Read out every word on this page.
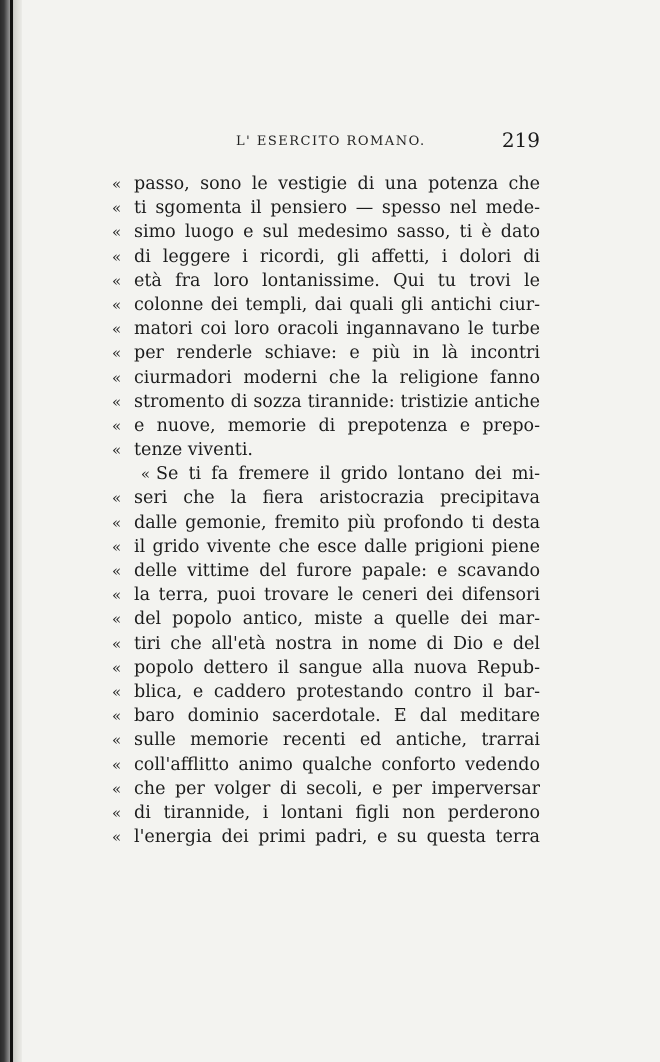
L' ESERCITO ROMANO.	219
« passo, sono le vestigie di una potenza che
« ti sgomenta il pensiero — spesso nel mede-
« simo luogo e sul medesimo sasso, ti è dato
« di leggere i ricordi, gli affetti, i dolori di
« età fra loro lontanissime. Qui tu trovi le
« colonne dei templi, dai quali gli antichi ciur-
« matori coi loro oracoli ingannavano le turbe
« per renderle schiave: e più in là incontri
« ciurmadori moderni che la religione fanno
« stromento di sozza tirannide: tristizie antiche
« e nuove, memorie di prepotenza e prepo-
« tenze viventi.
« Se ti fa fremere il grido lontano dei mi-
« seri che la fiera aristocrazia precipitava
« dalle gemonie, fremito più profondo ti desta
« il grido vivente che esce dalle prigioni piene
« delle vittime del furore papale: e scavando
« la terra, puoi trovare le ceneri dei difensori
« del popolo antico, miste a quelle dei mar-
« tiri che all'età nostra in nome di Dio e del
« popolo dettero il sangue alla nuova Repub-
« blica, e caddero protestando contro il bar-
« baro dominio sacerdotale. E dal meditare
« sulle memorie recenti ed antiche, trarrai
« coll'afflitto animo qualche conforto vedendo
« che per volger di secoli, e per imperversar
« di tirannide, i lontani figli non perderono
« l'energia dei primi padri, e su questa terra
